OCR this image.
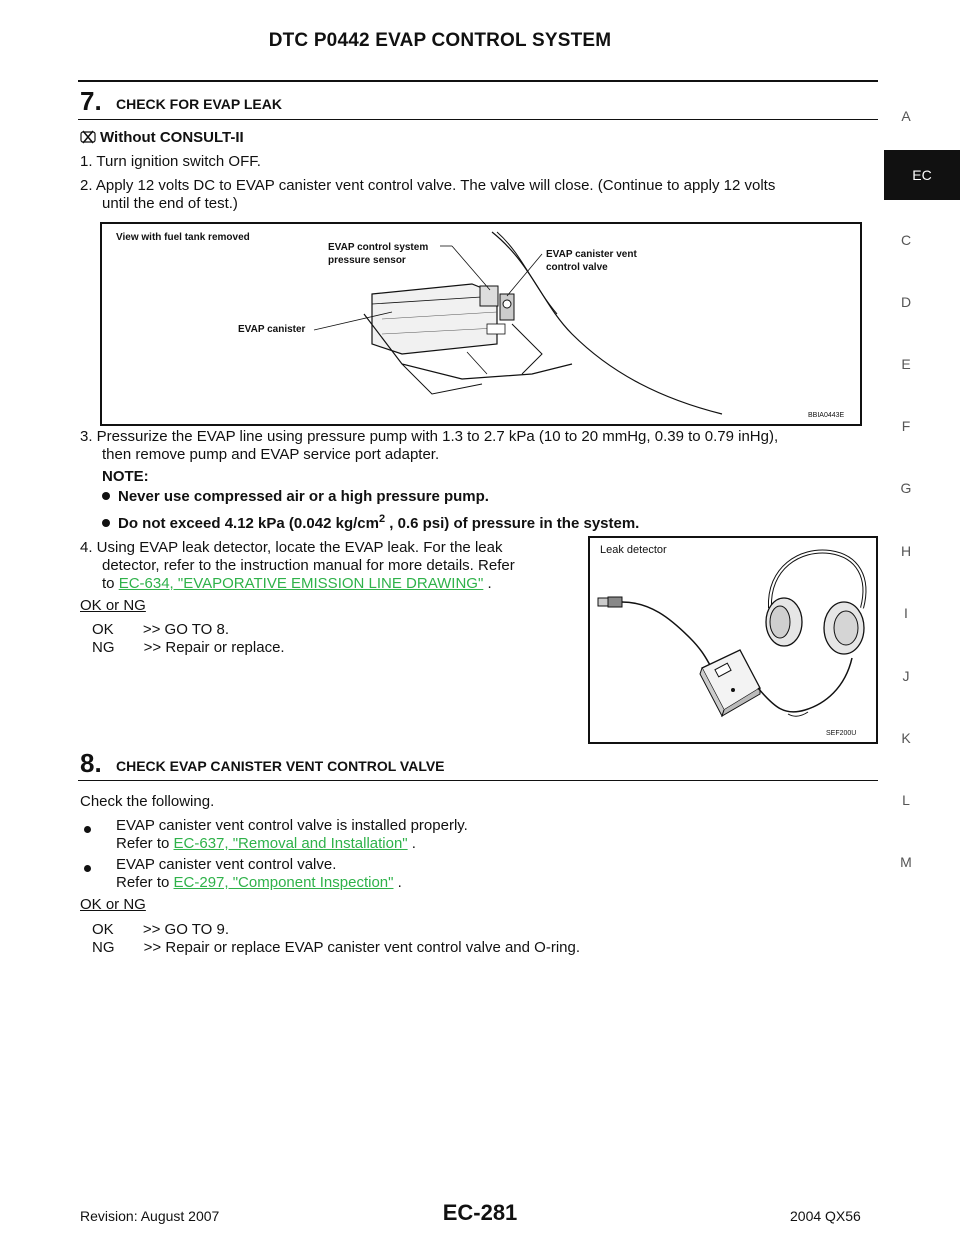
DTC P0442 EVAP CONTROL SYSTEM
A
EC
C
D
E
F
G
H
I
J
K
L
M
7. CHECK FOR EVAP LEAK
Without CONSULT-II
1. Turn ignition switch OFF.
2. Apply 12 volts DC to EVAP canister vent control valve. The valve will close. (Continue to apply 12 volts
until the end of test.)
View with fuel tank removed
EVAP control system
pressure sensor
EVAP canister vent
control valve
EVAP canister
BBIA0443E
3. Pressurize the EVAP line using pressure pump with 1.3 to 2.7 kPa (10 to 20 mmHg, 0.39 to 0.79 inHg),
then remove pump and EVAP service port adapter.
NOTE:
Never use compressed air or a high pressure pump.
Do not exceed 4.12 kPa (0.042 $kg/cm^2$ , 0.6 psi) of pressure in the system.
4. Using EVAP leak detector, locate the EVAP leak. For the leak
detector, refer to the instruction manual for more details. Refer
to EC-634, "EVAPORATIVE EMISSION LINE DRAWING" .
Leak detector
SEF200U
OK or NG
OK       >> GO TO 8.
NG       >> Repair or replace.
8. CHECK EVAP CANISTER VENT CONTROL VALVE
Check the following.
EVAP canister vent control valve is installed properly.
Refer to EC-637, "Removal and Installation" .
EVAP canister vent control valve.
Refer to EC-297, "Component Inspection" .
OK or NG
OK       >> GO TO 9.
NG       >> Repair or replace EVAP canister vent control valve and O-ring.
Revision: August 2007	EC-281	2004 QX56
